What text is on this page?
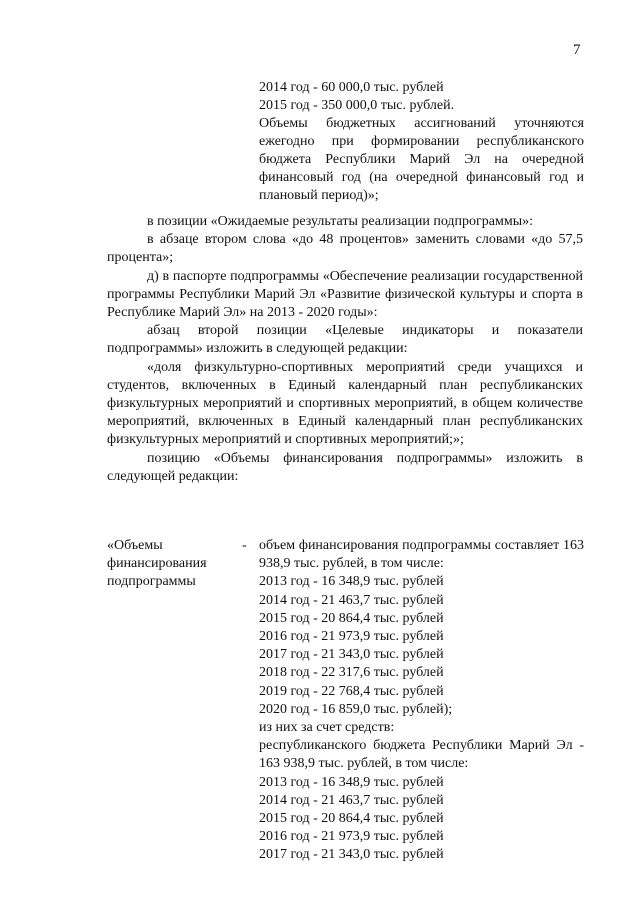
7
2014 год - 60 000,0 тыс. рублей
2015 год - 350 000,0 тыс. рублей.
Объемы бюджетных ассигнований уточняются ежегодно при формировании республиканского бюджета Республики Марий Эл на очередной финансовый год (на очередной финансовый год и плановый период)»;

в позиции «Ожидаемые результаты реализации подпрограммы»:

в абзаце втором слова «до 48 процентов» заменить словами «до 57,5 процента»;

д) в паспорте подпрограммы «Обеспечение реализации государственной программы Республики Марий Эл «Развитие физической культуры и спорта в Республике Марий Эл» на 2013 - 2020 годы»:

абзац второй позиции «Целевые индикаторы и показатели подпрограммы» изложить в следующей редакции:

«доля физкультурно-спортивных мероприятий среди учащихся и студентов, включенных в Единый календарный план республиканских физкультурных мероприятий и спортивных мероприятий, в общем количестве мероприятий, включенных в Единый календарный план республиканских физкультурных мероприятий и спортивных мероприятий;»;

позицию «Объемы финансирования подпрограммы» изложить в следующей редакции:

«Объемы финансирования подпрограммы
- объем финансирования подпрограммы составляет 163 938,9 тыс. рублей, в том числе:
2013 год - 16 348,9 тыс. рублей
2014 год - 21 463,7 тыс. рублей
2015 год - 20 864,4 тыс. рублей
2016 год - 21 973,9 тыс. рублей
2017 год - 21 343,0 тыс. рублей
2018 год - 22 317,6 тыс. рублей
2019 год - 22 768,4 тыс. рублей
2020 год - 16 859,0 тыс. рублей);
из них за счет средств:
республиканского бюджета Республики Марий Эл - 163 938,9 тыс. рублей, в том числе:
2013 год - 16 348,9 тыс. рублей
2014 год - 21 463,7 тыс. рублей
2015 год - 20 864,4 тыс. рублей
2016 год - 21 973,9 тыс. рублей
2017 год - 21 343,0 тыс. рублей
